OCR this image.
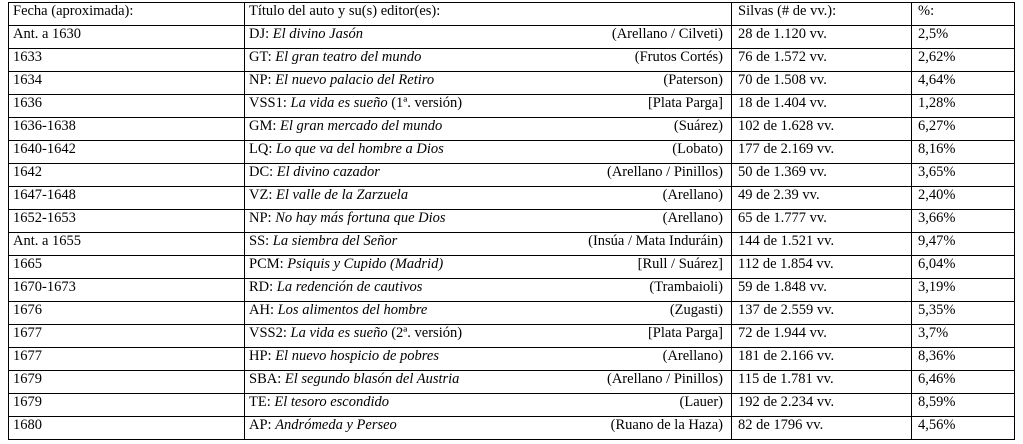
Fecha (aproximada):	Título del auto y su(s) editor(es):	Silvas (# de vv.):	%:
Ant. a 1630	DJ: El divino Jasón (Arellano / Cilveti)	28 de 1.120 vv.	2,5%
1633	GT: El gran teatro del mundo (Frutos Cortés)	76 de 1.572 vv.	2,62%
1634	NP: El nuevo palacio del Retiro (Paterson)	70 de 1.508 vv.	4,64%
1636	VSS1: La vida es sueño (1ª. versión) [Plata Parga]	18 de 1.404 vv.	1,28%
1636-1638	GM: El gran mercado del mundo (Suárez)	102 de 1.628 vv.	6,27%
1640-1642	LQ: Lo que va del hombre a Dios (Lobato)	177 de 2.169 vv.	8,16%
1642	DC: El divino cazador (Arellano / Pinillos)	50 de 1.369 vv.	3,65%
1647-1648	VZ: El valle de la Zarzuela (Arellano)	49 de 2.39 vv.	2,40%
1652-1653	NP: No hay más fortuna que Dios (Arellano)	65 de 1.777 vv.	3,66%
Ant. a 1655	SS: La siembra del Señor (Insúa / Mata Induráin)	144 de 1.521 vv.	9,47%
1665	PCM: Psiquis y Cupido (Madrid) [Rull / Suárez]	112 de 1.854 vv.	6,04%
1670-1673	RD: La redención de cautivos (Trambaioli)	59 de 1.848 vv.	3,19%
1676	AH: Los alimentos del hombre (Zugasti)	137 de 2.559 vv.	5,35%
1677	VSS2: La vida es sueño (2ª. versión) [Plata Parga]	72 de 1.944 vv.	3,7%
1677	HP: El nuevo hospicio de pobres (Arellano)	181 de 2.166 vv.	8,36%
1679	SBA: El segundo blasón del Austria (Arellano / Pinillos)	115 de 1.781 vv.	6,46%
1679	TE: El tesoro escondido (Lauer)	192 de 2.234 vv.	8,59%
1680	AP: Andrómeda y Perseo (Ruano de la Haza)	82 de 1796 vv.	4,56%
